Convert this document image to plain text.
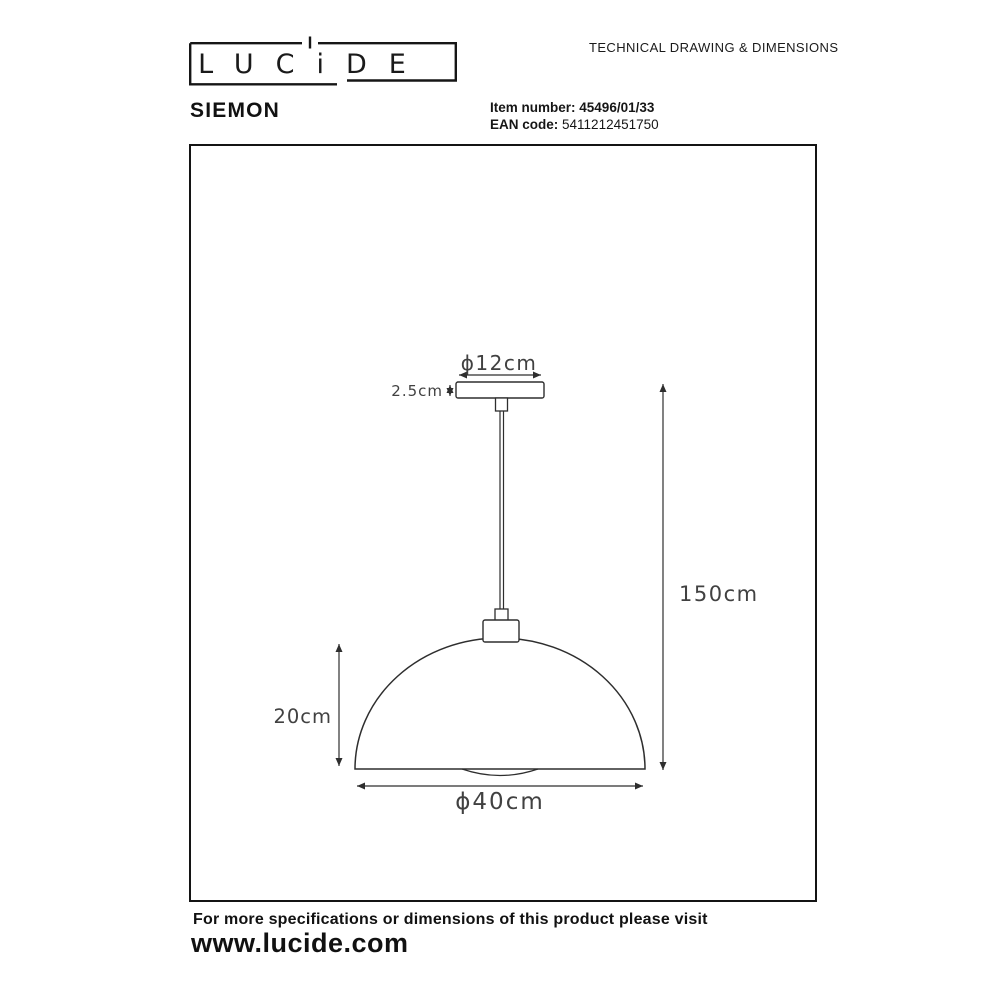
LUCiDE
SIEMON
TECHNICAL DRAWING & DIMENSIONS
Item number: 45496/01/33
EAN code: 5411212451750
ϕ12cm
2.5cm
150cm
20cm
ϕ40cm
For more specifications or dimensions of this product please visit
www.lucide.com
